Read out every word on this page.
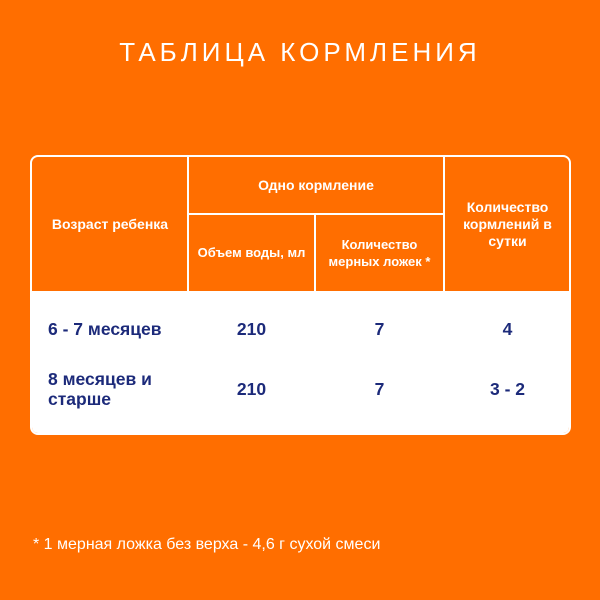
ТАБЛИЦА КОРМЛЕНИЯ
Возраст ребенка
Одно кормление
Объем воды, мл
Количество мерных ложек *
Количество кормлений в сутки
6 - 7 месяцев	210	7	4
8 месяцев и старше	210	7	3 - 2
* 1 мерная ложка без верха - 4,6 г сухой смеси
